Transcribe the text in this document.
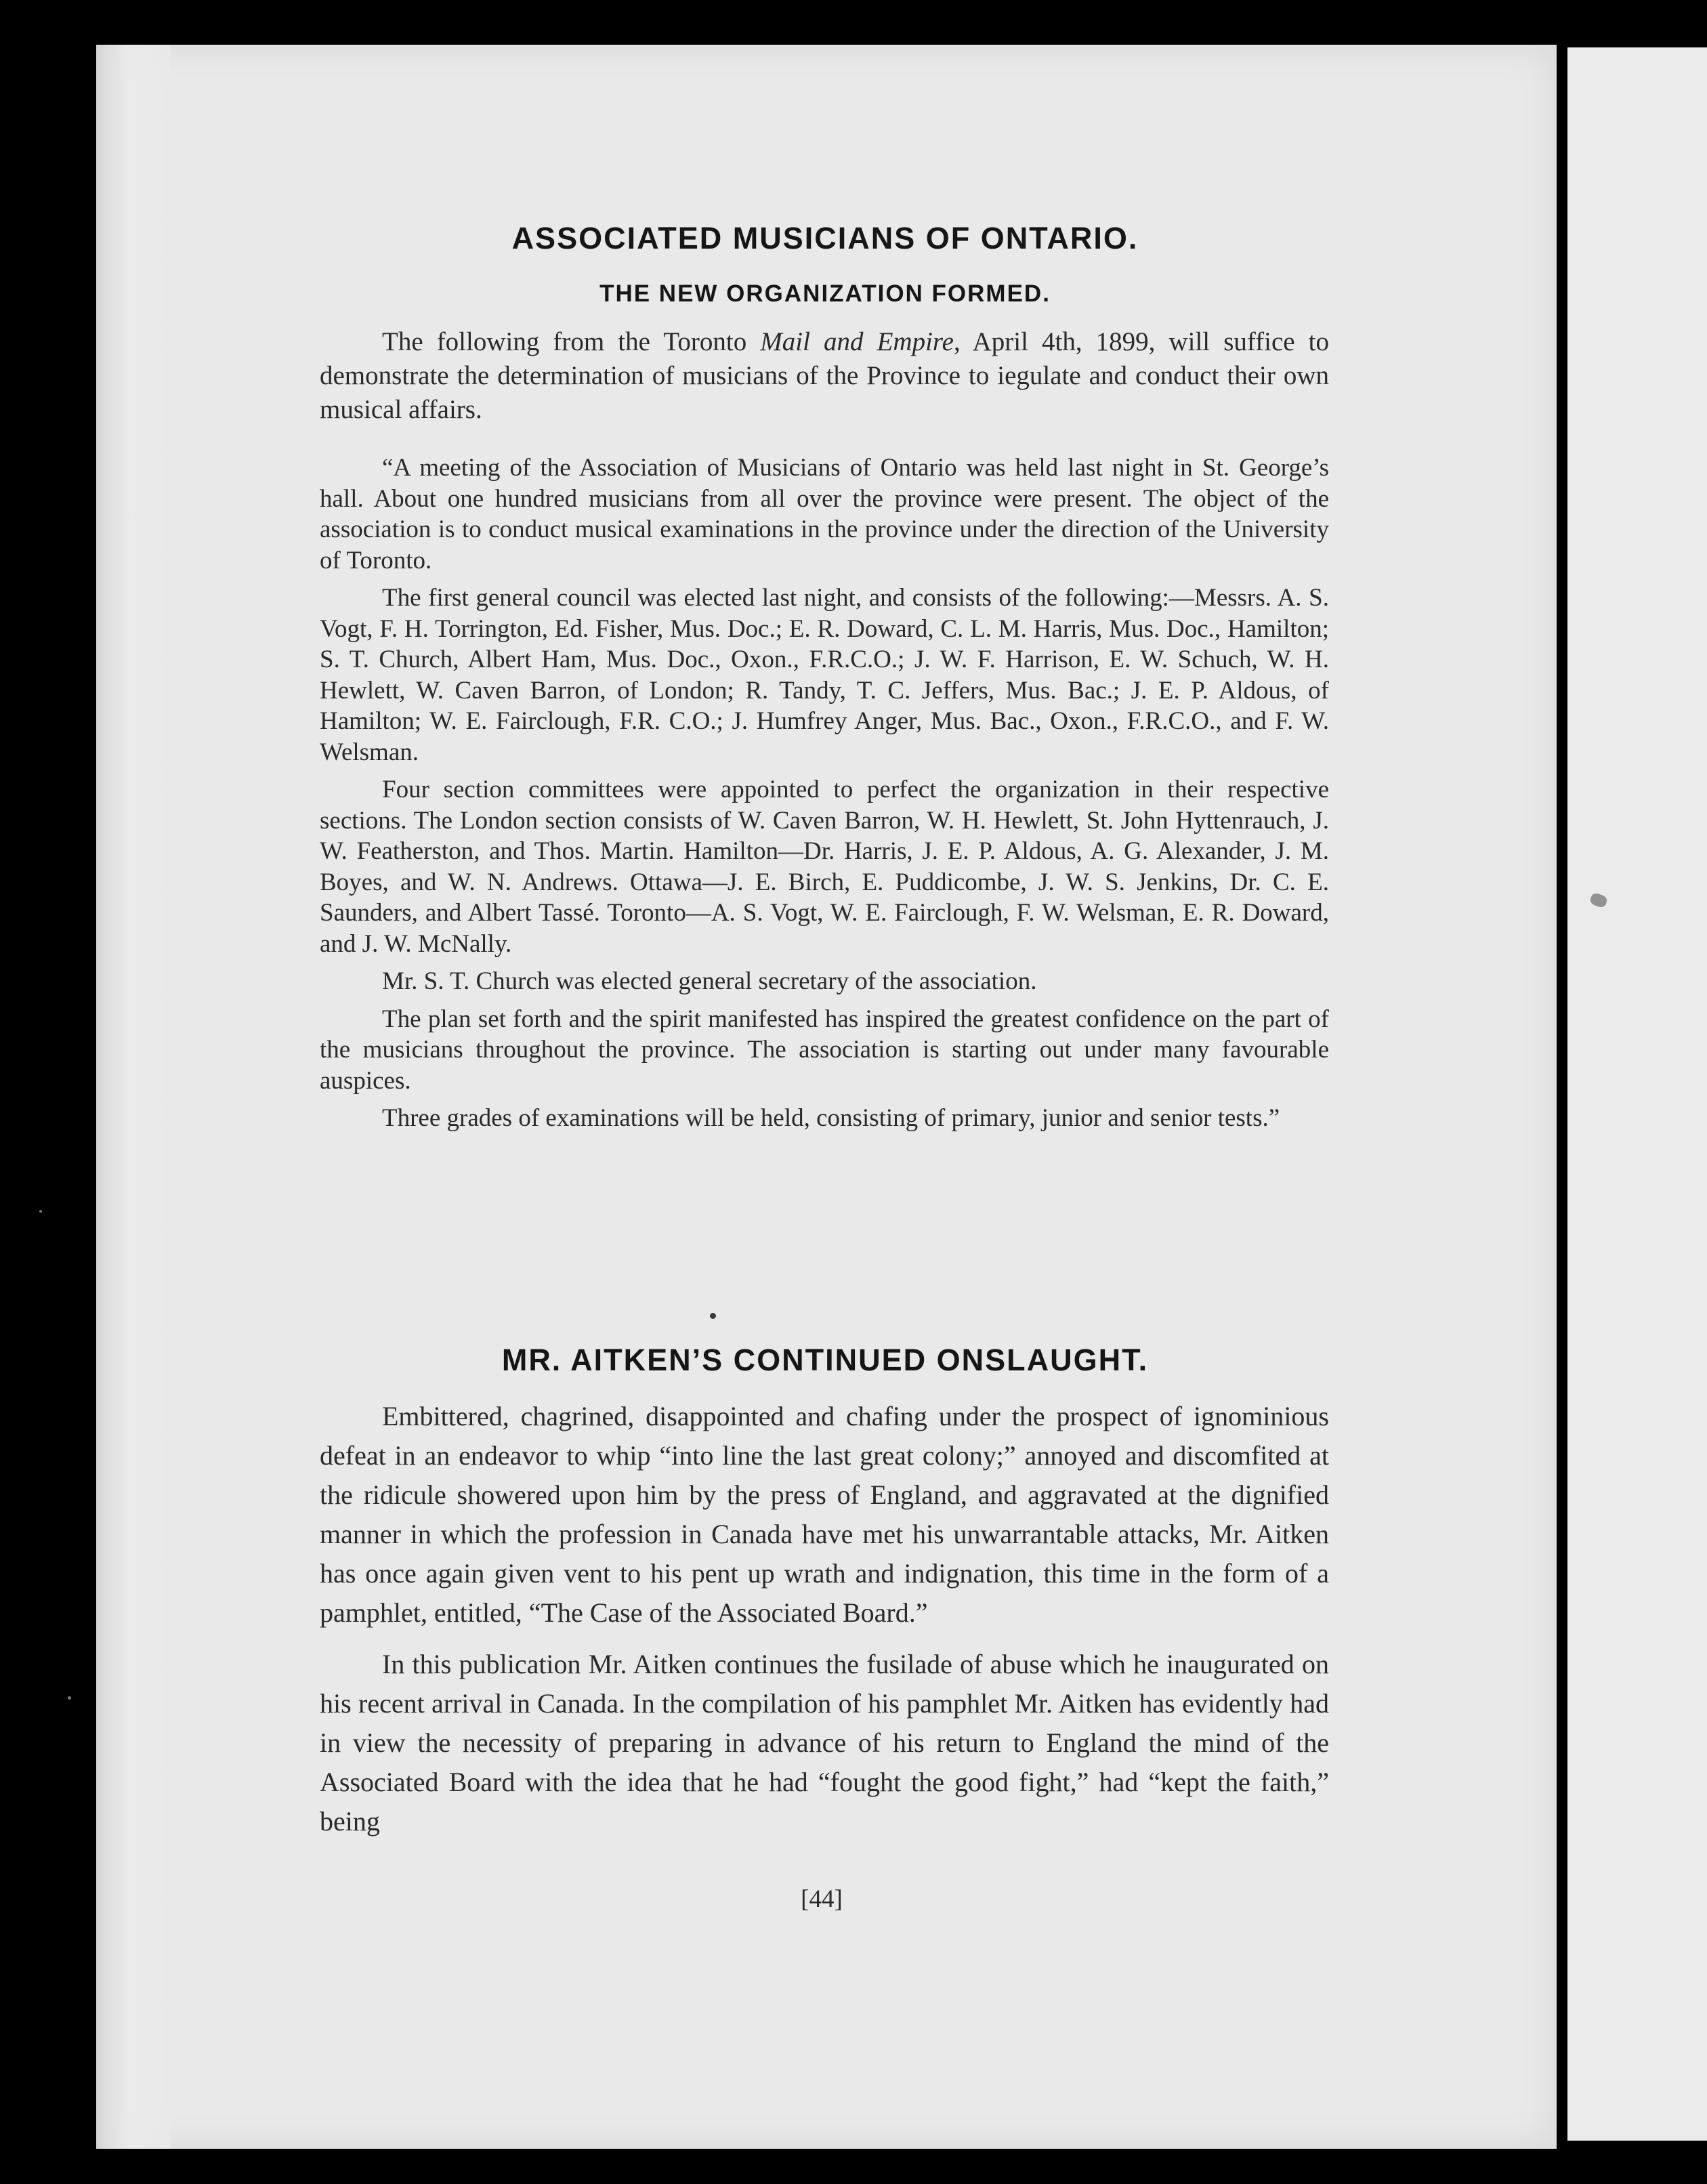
ASSOCIATED MUSICIANS OF ONTARIO.
THE NEW ORGANIZATION FORMED.

The following from the Toronto Mail and Empire, April 4th, 1899, will suffice to demonstrate the determination of musicians of the Province to iegulate and conduct their own musical affairs.

“A meeting of the Association of Musicians of Ontario was held last night in St. George’s hall. About one hundred musicians from all over the province were present. The object of the association is to conduct musical examinations in the province under the direction of the University of Toronto.

The first general council was elected last night, and consists of the following:—Messrs. A. S. Vogt, F. H. Torrington, Ed. Fisher, Mus. Doc.; E. R. Doward, C. L. M. Harris, Mus. Doc., Hamilton; S. T. Church, Albert Ham, Mus. Doc., Oxon., F.R.C.O.; J. W. F. Harrison, E. W. Schuch, W. H. Hewlett, W. Caven Barron, of London; R. Tandy, T. C. Jeffers, Mus. Bac.; J. E. P. Aldous, of Hamilton; W. E. Fairclough, F.R. C.O.; J. Humfrey Anger, Mus. Bac., Oxon., F.R.C.O., and F. W. Welsman.

Four section committees were appointed to perfect the organization in their respective sections. The London section consists of W. Caven Barron, W. H. Hewlett, St. John Hyttenrauch, J. W. Featherston, and Thos. Martin. Hamilton—Dr. Harris, J. E. P. Aldous, A. G. Alexander, J. M. Boyes, and W. N. Andrews. Ottawa—J. E. Birch, E. Puddicombe, J. W. S. Jenkins, Dr. C. E. Saunders, and Albert Tassé. Toronto—A. S. Vogt, W. E. Fairclough, F. W. Welsman, E. R. Doward, and J. W. McNally.

Mr. S. T. Church was elected general secretary of the association.

The plan set forth and the spirit manifested has inspired the greatest confidence on the part of the musicians throughout the province. The association is starting out under many favourable auspices.

Three grades of examinations will be held, consisting of primary, junior and senior tests.”

MR. AITKEN’S CONTINUED ONSLAUGHT.

Embittered, chagrined, disappointed and chafing under the prospect of ignominious defeat in an endeavor to whip “into line the last great colony;” annoyed and discomfited at the ridicule showered upon him by the press of England, and aggravated at the dignified manner in which the profession in Canada have met his unwarrantable attacks, Mr. Aitken has once again given vent to his pent up wrath and indignation, this time in the form of a pamphlet, entitled, “The Case of the Associated Board.”

In this publication Mr. Aitken continues the fusilade of abuse which he inaugurated on his recent arrival in Canada. In the compilation of his pamphlet Mr. Aitken has evidently had in view the necessity of preparing in advance of his return to England the mind of the Associated Board with the idea that he had “fought the good fight,” had “kept the faith,” being

[44]
